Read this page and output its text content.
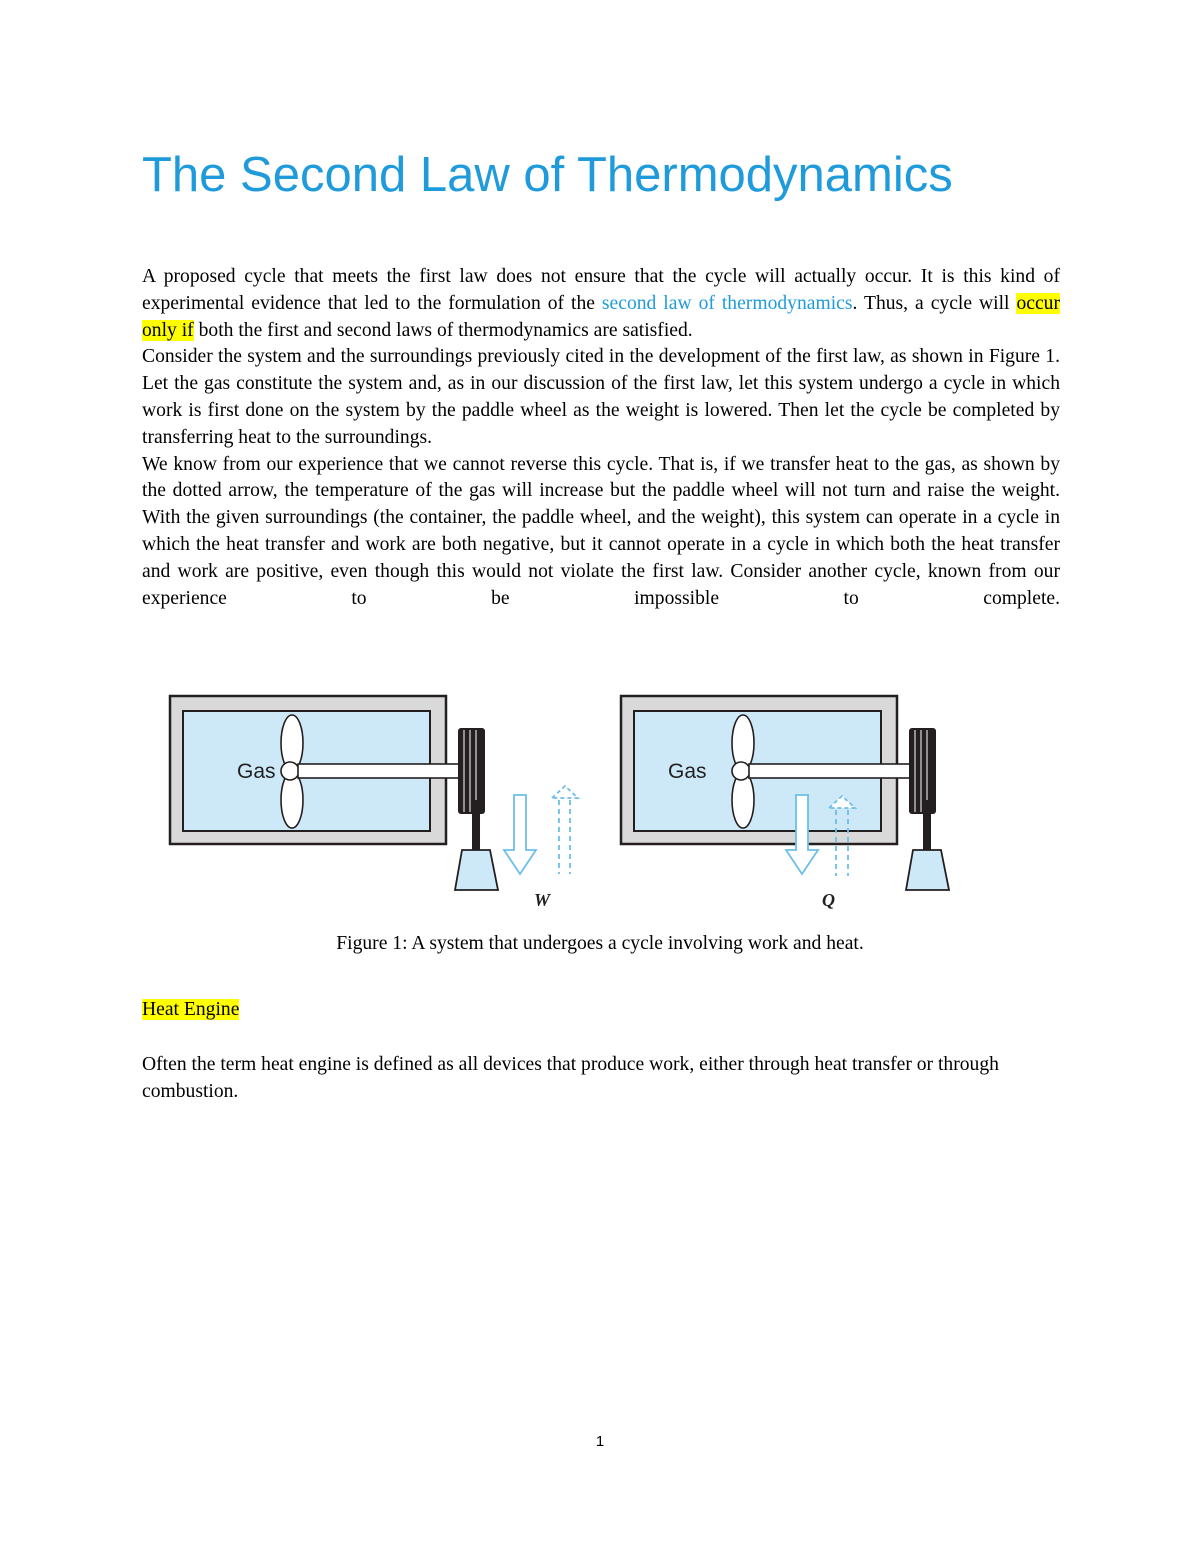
The Second Law of Thermodynamics

A proposed cycle that meets the first law does not ensure that the cycle will actually occur. It is this kind of experimental evidence that led to the formulation of the second law of thermodynamics. Thus, a cycle will occur only if both the first and second laws of thermodynamics are satisfied.

Consider the system and the surroundings previously cited in the development of the first law, as shown in Figure 1. Let the gas constitute the system and, as in our discussion of the first law, let this system undergo a cycle in which work is first done on the system by the paddle wheel as the weight is lowered. Then let the cycle be completed by transferring heat to the surroundings.

We know from our experience that we cannot reverse this cycle. That is, if we transfer heat to the gas, as shown by the dotted arrow, the temperature of the gas will increase but the paddle wheel will not turn and raise the weight. With the given surroundings (the container, the paddle wheel, and the weight), this system can operate in a cycle in which the heat transfer and work are both negative, but it cannot operate in a cycle in which both the heat transfer and work are positive, even though this would not violate the first law. Consider another cycle, known from our experience to be impossible to complete.

Gas
W
Gas
Q

Figure 1: A system that undergoes a cycle involving work and heat.

Heat Engine

Often the term heat engine is defined as all devices that produce work, either through heat transfer or through combustion.

1
